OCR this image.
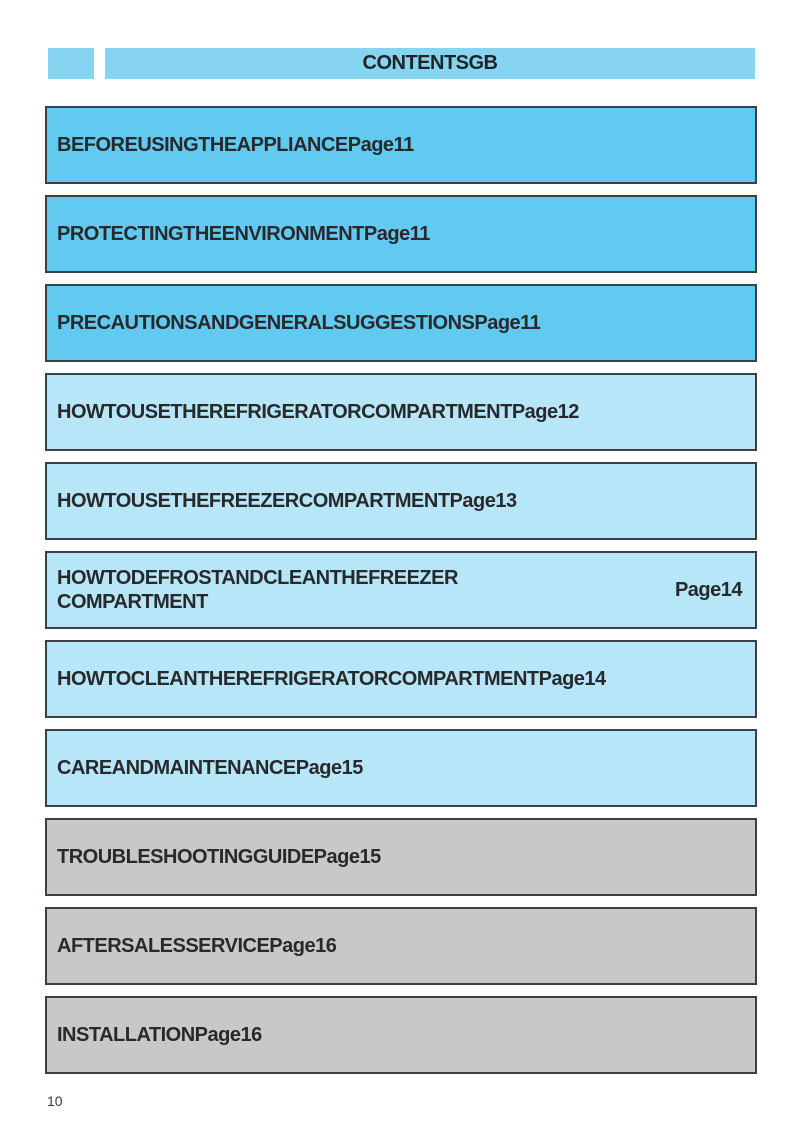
CONTENTSGB
BEFOREUSINGTHEAPPLIANCEPage11
PROTECTINGTHEENVIRONMENTPage11
PRECAUTIONSANDGENERALSUGGESTIONSPage11
HOWTOUSETHEREFRIGERATORCOMPARTMENTPage12
HOWTOUSETHEFREEZERCOMPARTMENTPage13
HOWTODEFROSTANDCLEANTHEFREEZER
COMPARTMENT
Page14
HOWTOCLEANTHEREFRIGERATORCOMPARTMENTPage14
CAREANDMAINTENANCEPage15
TROUBLESHOOTINGGUIDEPage15
AFTERSALESSERVICEPage16
INSTALLATIONPage16
10
